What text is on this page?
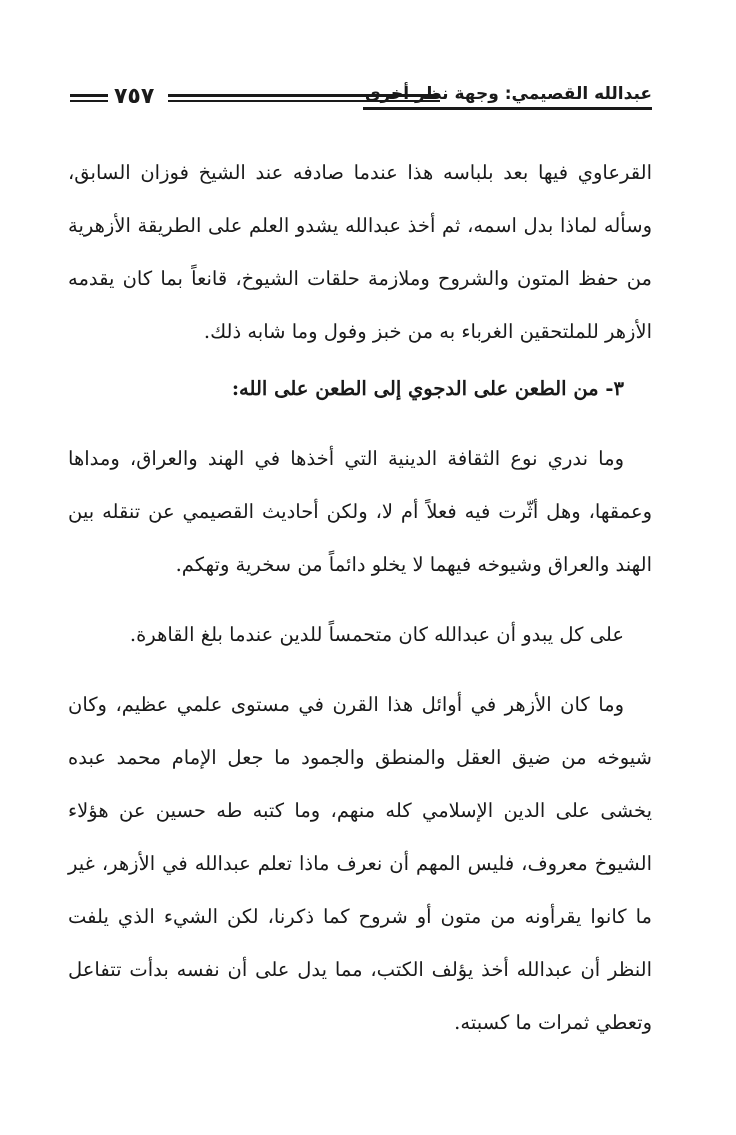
٧٥٧	عبدالله القصيمي: وجهة نظر أخرى

القرعاوي فيها بعد بلباسه هذا عندما صادفه عند الشيخ فوزان السابق، وسأله لماذا بدل اسمه، ثم أخذ عبدالله يشدو العلم على الطريقة الأزهرية من حفظ المتون والشروح وملازمة حلقات الشيوخ، قانعاً بما كان يقدمه الأزهر للملتحقين الغرباء به من خبز وفول وما شابه ذلك.

٣- من الطعن على الدجوي إلى الطعن على الله:

وما ندري نوع الثقافة الدينية التي أخذها في الهند والعراق، ومداها وعمقها، وهل أثّرت فيه فعلاً أم لا، ولكن أحاديث القصيمي عن تنقله بين الهند والعراق وشيوخه فيهما لا يخلو دائماً من سخرية وتهكم.

على كل يبدو أن عبدالله كان متحمساً للدين عندما بلغ القاهرة.

وما كان الأزهر في أوائل هذا القرن في مستوى علمي عظيم، وكان شيوخه من ضيق العقل والمنطق والجمود ما جعل الإمام محمد عبده يخشى على الدين الإسلامي كله منهم، وما كتبه طه حسين عن هؤلاء الشيوخ معروف، فليس المهم أن نعرف ماذا تعلم عبدالله في الأزهر، غير ما كانوا يقرأونه من متون أو شروح كما ذكرنا، لكن الشيء الذي يلفت النظر أن عبدالله أخذ يؤلف الكتب، مما يدل على أن نفسه بدأت تتفاعل وتعطي ثمرات ما كسبته.
